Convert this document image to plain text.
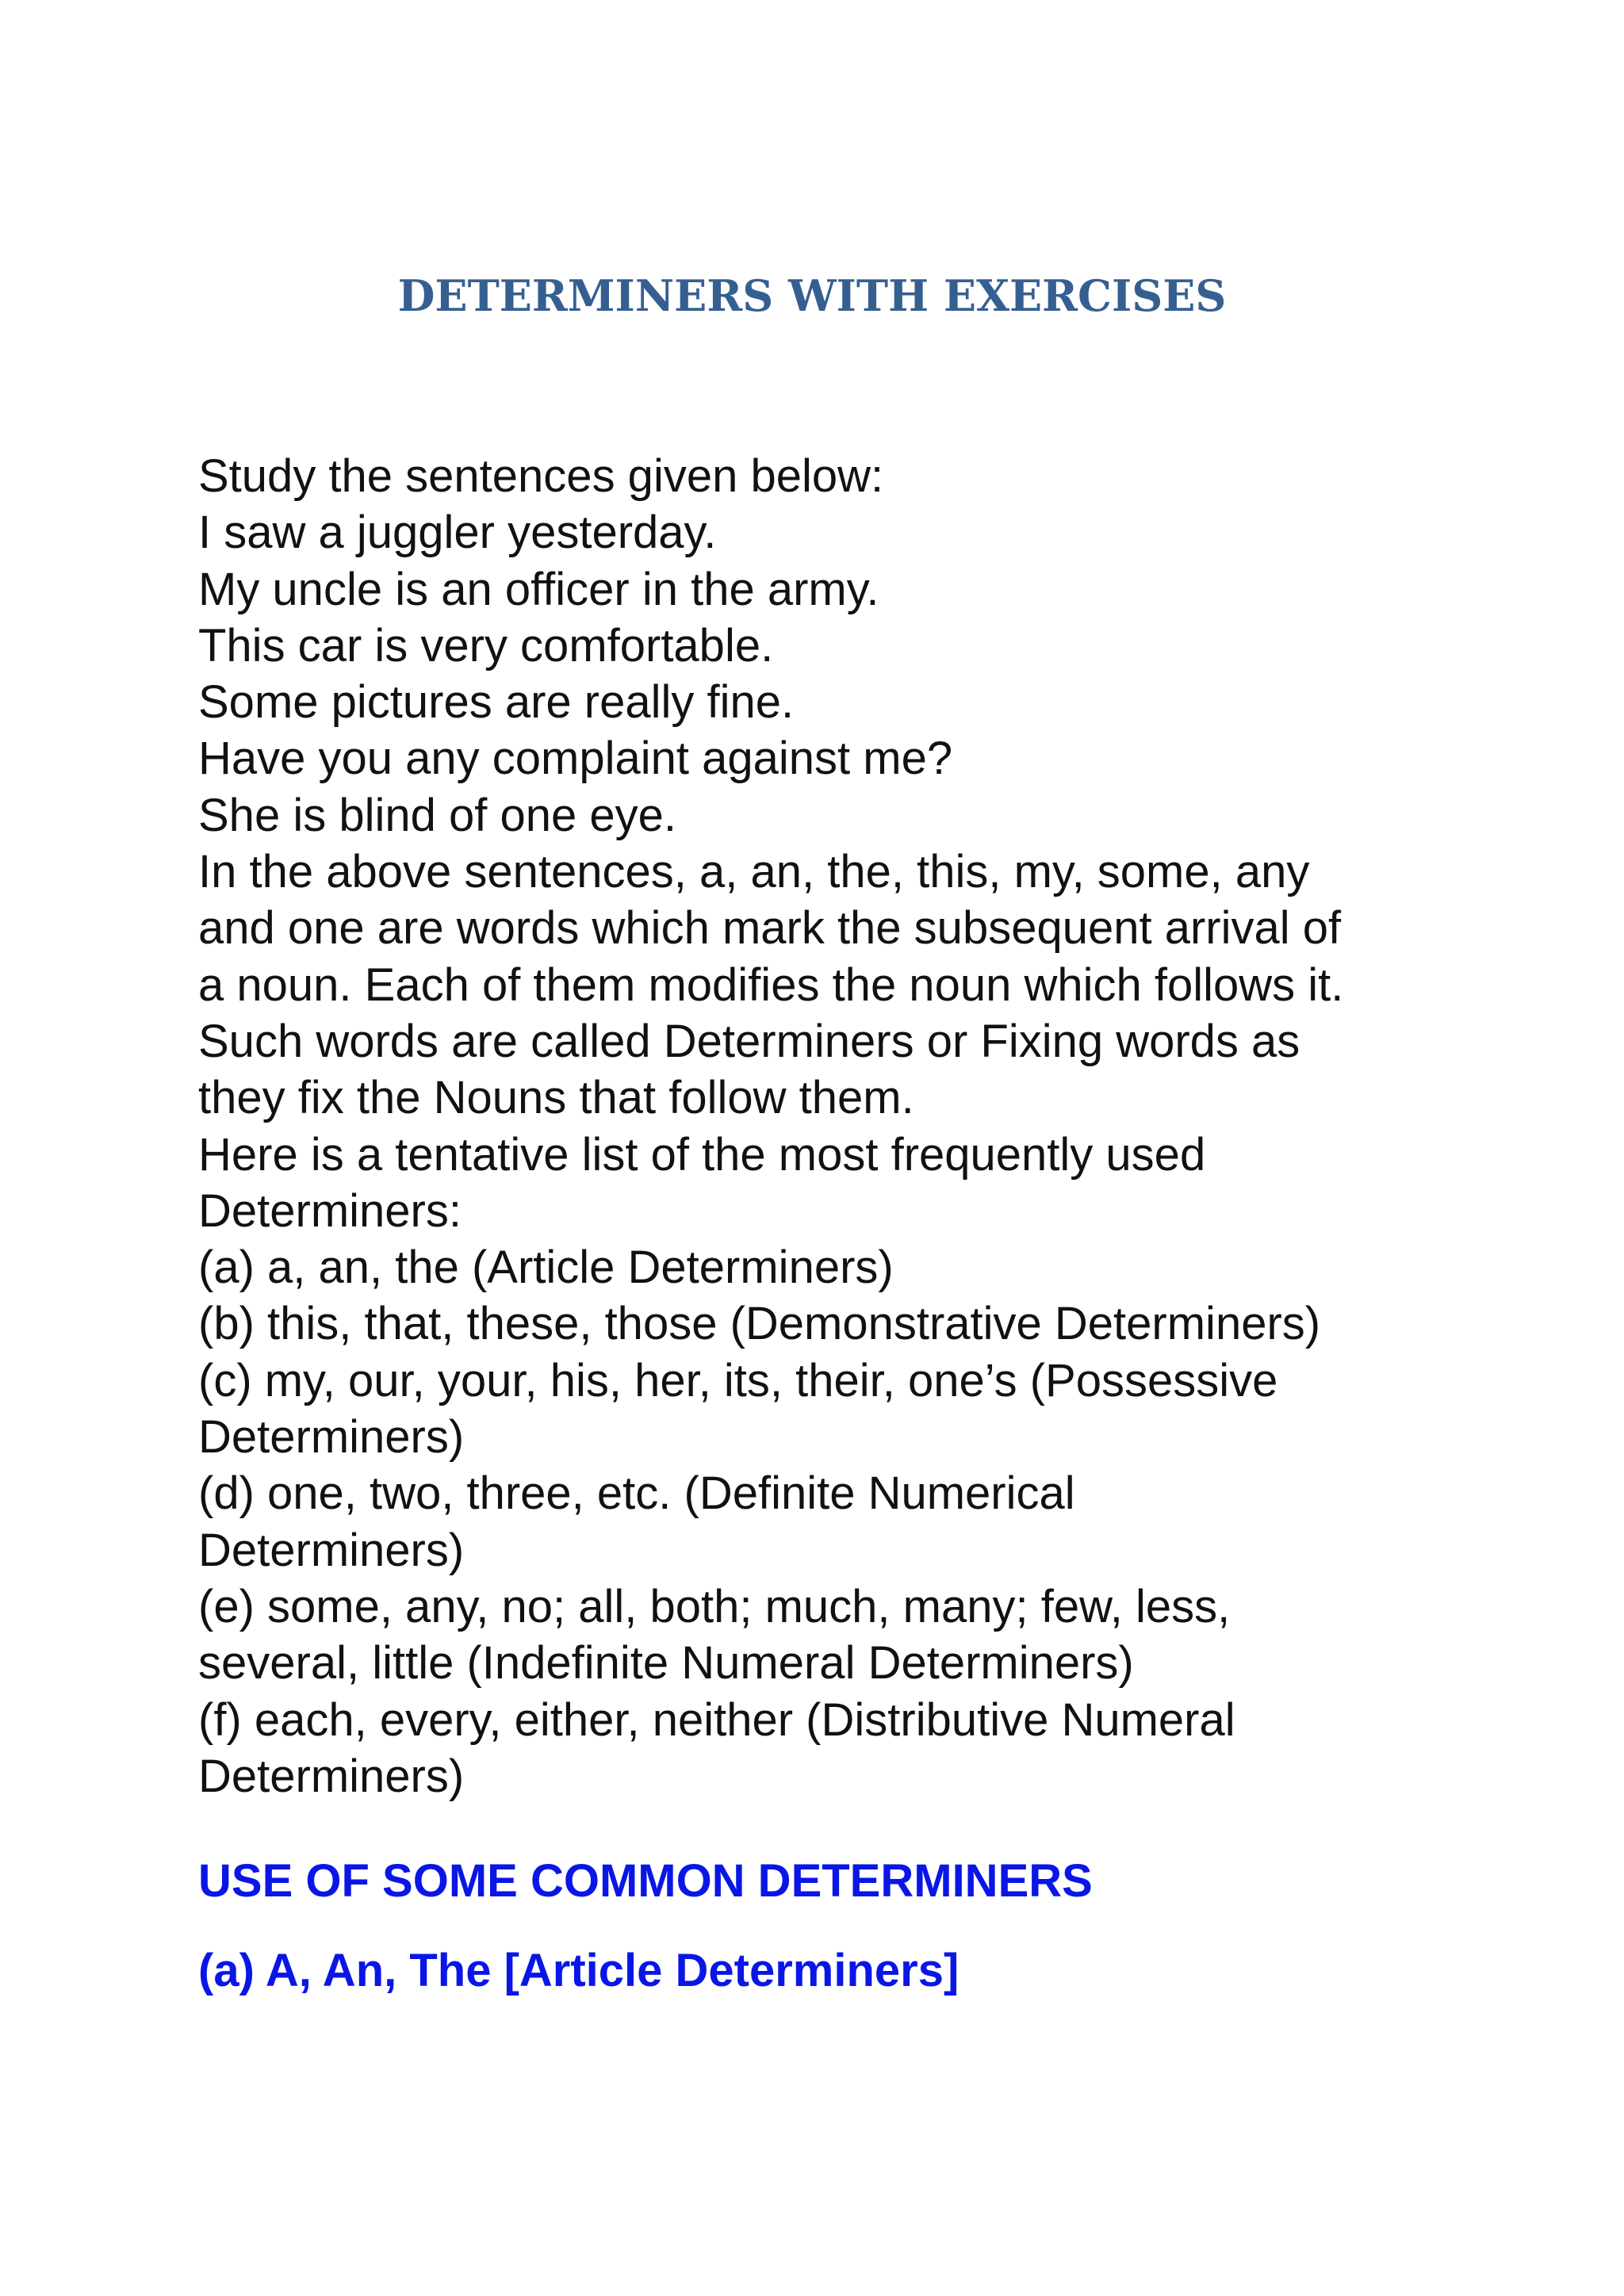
DETERMINERS WITH EXERCISES
Study the sentences given below:
I saw a juggler yesterday.
My uncle is an officer in the army.
This car is very comfortable.
Some pictures are really fine.
Have you any complaint against me?
She is blind of one eye.
In the above sentences, a, an, the, this, my, some, any
and one are words which mark the subsequent arrival of
a noun. Each of them modifies the noun which follows it.
Such words are called Determiners or Fixing words as
they fix the Nouns that follow them.
Here is a tentative list of the most frequently used
Determiners:
(a) a, an, the (Article Determiners)
(b) this, that, these, those (Demonstrative Determiners)
(c) my, our, your, his, her, its, their, one’s (Possessive
Determiners)
(d) one, two, three, etc. (Definite Numerical
Determiners)
(e) some, any, no; all, both; much, many; few, less,
several, little (Indefinite Numeral Determiners)
(f) each, every, either, neither (Distributive Numeral
Determiners)
USE OF SOME COMMON DETERMINERS
(a) A, An, The [Article Determiners]
